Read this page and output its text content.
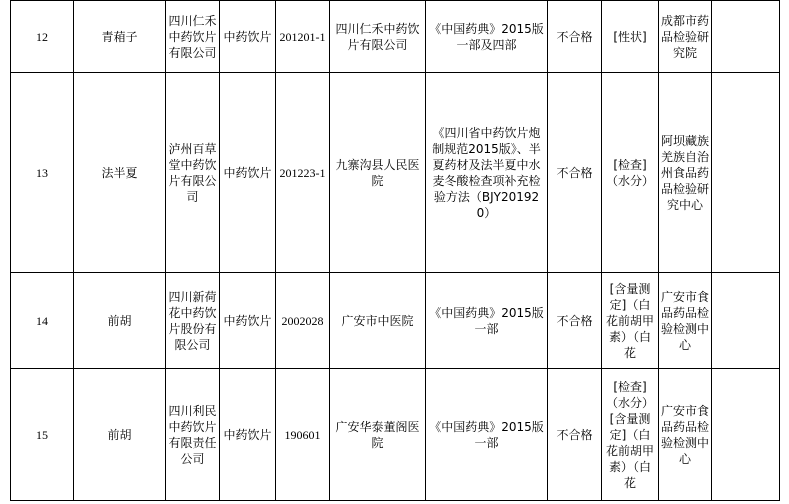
12	青葙子	四川仁禾中药饮片有限公司	中药饮片	201201-1	四川仁禾中药饮片有限公司	《中国药典》2015版一部及四部	不合格	[性状]	成都市药品检验研究院	
13	法半夏	泸州百草堂中药饮片有限公司	中药饮片	201223-1	九寨沟县人民医院	《四川省中药饮片炮制规范2015版》、半夏药材及法半夏中水麦冬酸检查项补充检验方法（BJY201920）	不合格	[检查]（水分）	阿坝藏族羌族自治州食品药品检验研究中心	
14	前胡	四川新荷花中药饮片股份有限公司	中药饮片	2002028	广安市中医院	《中国药典》2015版一部	不合格	[含量测定]（白花前胡甲素）（白花	广安市食品药品检验检测中心	
15	前胡	四川利民中药饮片有限责任公司	中药饮片	190601	广安华泰董阁医院	《中国药典》2015版一部	不合格	[检查]（水分）[含量测定]（白花前胡甲素）（白花	广安市食品药品检验检测中心	
